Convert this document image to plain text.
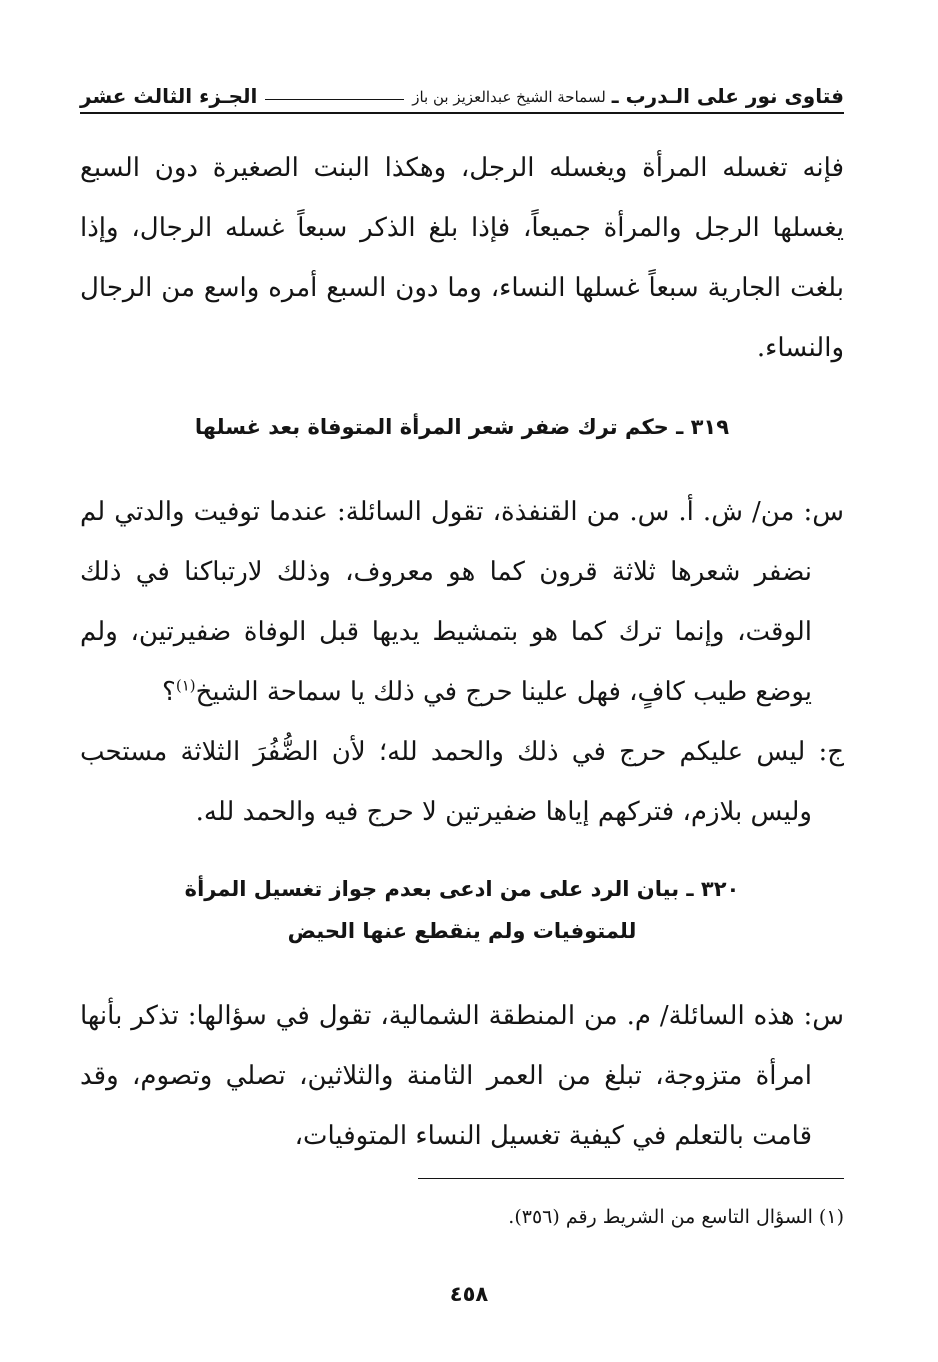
فتاوى نور على الـدرب ـ
لسماحة الشيخ عبدالعزيز بن باز
الجـزء الثالث عشر

فإنه تغسله المرأة ويغسله الرجل، وهكذا البنت الصغيرة دون السبع يغسلها الرجل والمرأة جميعاً، فإذا بلغ الذكر سبعاً غسله الرجال، وإذا بلغت الجارية سبعاً غسلها النساء، وما دون السبع أمره واسع من الرجال والنساء.

٣١٩ ـ حكم ترك ضفر شعر المرأة المتوفاة بعد غسلها

س: من/ ش. أ. س. من القنفذة، تقول السائلة: عندما توفيت والدتي لم نضفر شعرها ثلاثة قرون كما هو معروف، وذلك لارتباكنا في ذلك الوقت، وإنما ترك كما هو بتمشيط يديها قبل الوفاة ضفيرتين، ولم يوضع طيب كافٍ، فهل علينا حرج في ذلك يا سماحة الشيخ$^{(١)}$؟

ج: ليس عليكم حرج في ذلك والحمد لله؛ لأن الضُّفُرَ الثلاثة مستحب وليس بلازم، فتركهم إياها ضفيرتين لا حرج فيه والحمد لله.

٣٢٠ ـ بيان الرد على من ادعى بعدم جواز تغسيل المرأة
للمتوفيات ولم ينقطع عنها الحيض

س: هذه السائلة/ م. من المنطقة الشمالية، تقول في سؤالها: تذكر بأنها امرأة متزوجة، تبلغ من العمر الثامنة والثلاثين، تصلي وتصوم، وقد قامت بالتعلم في كيفية تغسيل النساء المتوفيات،

(١) السؤال التاسع من الشريط رقم (٣٥٦).
٤٥٨
